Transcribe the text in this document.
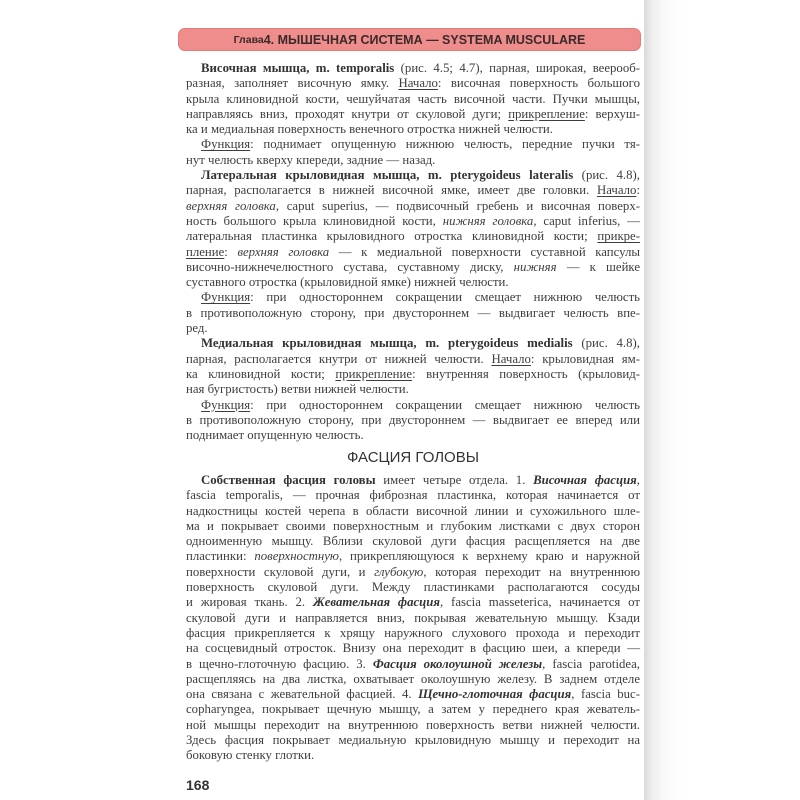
Глава 4. МЫШЕЧНАЯ СИСТЕМА — SYSTEMA MUSCULARE
Височная мышца, m. temporalis (рис. 4.5; 4.7), парная, широкая, веерооб-
разная, заполняет височную ямку. Начало: височная поверхность большого
крыла клиновидной кости, чешуйчатая часть височной части. Пучки мышцы,
направляясь вниз, проходят кнутри от скуловой дуги; прикрепление: верхуш-
ка и медиальная поверхность венечного отростка нижней челюсти.
Функция: поднимает опущенную нижнюю челюсть, передние пучки тя-
нут челюсть кверху кпереди, задние — назад.
Латеральная крыловидная мышца, m. pterygoideus lateralis (рис. 4.8),
парная, располагается в нижней височной ямке, имеет две головки. Начало:
верхняя головка, caput superius, — подвисочный гребень и височная поверх-
ность большого крыла клиновидной кости, нижняя головка, caput inferius, —
латеральная пластинка крыловидного отростка клиновидной кости; прикре-
пление: верхняя головка — к медиальной поверхности суставной капсулы
височно-нижнечелюстного сустава, суставному диску, нижняя — к шейке
суставного отростка (крыловидной ямке) нижней челюсти.
Функция: при одностороннем сокращении смещает нижнюю челюсть
в противоположную сторону, при двустороннем — выдвигает челюсть впе-
ред.
Медиальная крыловидная мышца, m. pterygoideus medialis (рис. 4.8),
парная, располагается кнутри от нижней челюсти. Начало: крыловидная ям-
ка клиновидной кости; прикрепление: внутренняя поверхность (крыловид-
ная бугристость) ветви нижней челюсти.
Функция: при одностороннем сокращении смещает нижнюю челюсть
в противоположную сторону, при двустороннем — выдвигает ее вперед или
поднимает опущенную челюсть.
ФАСЦИЯ ГОЛОВЫ
Собственная фасция головы имеет четыре отдела. 1. Височная фасция,
fascia temporalis, — прочная фиброзная пластинка, которая начинается от
надкостницы костей черепа в области височной линии и сухожильного шле-
ма и покрывает своими поверхностным и глубоким листками с двух сторон
одноименную мышцу. Вблизи скуловой дуги фасция расщепляется на две
пластинки: поверхностную, прикрепляющуюся к верхнему краю и наружной
поверхности скуловой дуги, и глубокую, которая переходит на внутреннюю
поверхность скуловой дуги. Между пластинками располагаются сосуды
и жировая ткань. 2. Жевательная фасция, fascia masseterica, начинается от
скуловой дуги и направляется вниз, покрывая жевательную мышцу. Кзади
фасция прикрепляется к хрящу наружного слухового прохода и переходит
на сосцевидный отросток. Внизу она переходит в фасцию шеи, а кпереди —
в щечно-глоточную фасцию. 3. Фасция околоушной железы, fascia parotidea,
расщепляясь на два листка, охватывает околоушную железу. В заднем отделе
она связана с жевательной фасцией. 4. Щечно-глоточная фасция, fascia buc-
copharyngea, покрывает щечную мышцу, а затем у переднего края жеватель-
ной мышцы переходит на внутреннюю поверхность ветви нижней челюсти.
Здесь фасция покрывает медиальную крыловидную мышцу и переходит на
боковую стенку глотки.
168
